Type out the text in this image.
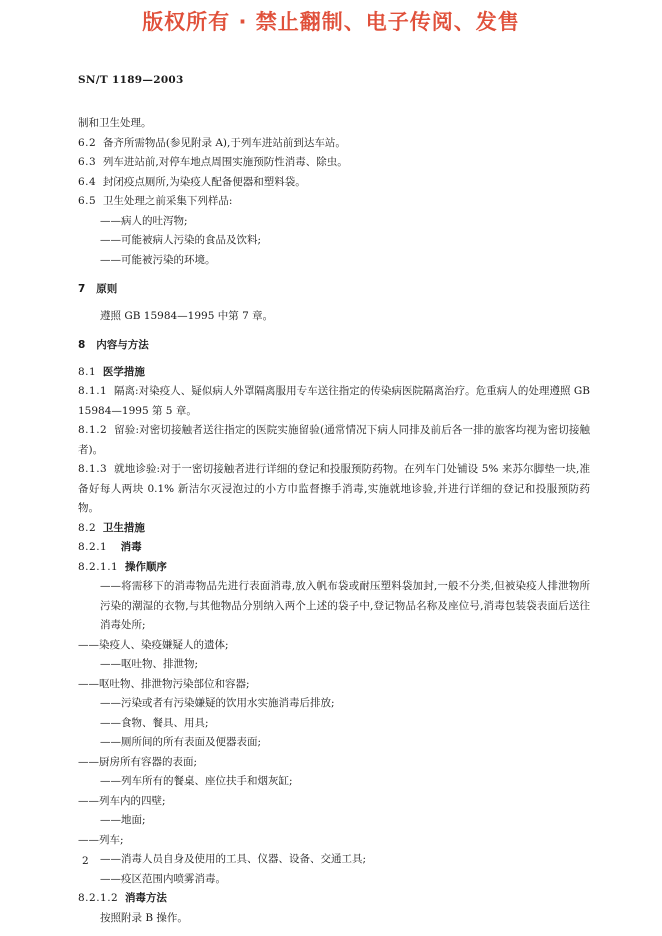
版权所有 · 禁止翻制、电子传阅、发售
SN/T 1189—2003

制和卫生处理。

6.2 备齐所需物品(参见附录 A),于列车进站前到达车站。

6.3 列车进站前,对停车地点周围实施预防性消毒、除虫。

6.4 封闭疫点厕所,为染疫人配备便器和塑料袋。

6.5 卫生处理之前采集下列样品:

——病人的吐泻物;

——可能被病人污染的食品及饮料;

——可能被污染的环境。

7 原则

遵照 GB 15984—1995 中第 7 章。

8 内容与方法

8.1 医学措施

8.1.1 隔离:对染疫人、疑似病人外罩隔离服用专车送往指定的传染病医院隔离治疗。危重病人的处理遵照 GB 15984—1995 第 5 章。

8.1.2 留验:对密切接触者送往指定的医院实施留验(通常情况下病人同排及前后各一排的旅客均视为密切接触者)。

8.1.3 就地诊验:对于一密切接触者进行详细的登记和投服预防药物。在列车门处铺设 5% 来苏尔脚垫一块,准备好每人两块 0.1% 新洁尔灭浸泡过的小方巾监督擦手消毒,实施就地诊验,并进行详细的登记和投服预防药物。

8.2 卫生措施

8.2.1 消毒

8.2.1.1 操作顺序

——将需移下的消毒物品先进行表面消毒,放入帆布袋或耐压塑料袋加封,一般不分类,但被染疫人排泄物所污染的潮湿的衣物,与其他物品分别纳入两个上述的袋子中,登记物品名称及座位号,消毒包装袋表面后送往消毒处所;

——染疫人、染疫嫌疑人的遗体;

——呕吐物、排泄物;

——呕吐物、排泄物污染部位和容器;

——污染或者有污染嫌疑的饮用水实施消毒后排放;

——食物、餐具、用具;

——厕所间的所有表面及便器表面;

——厨房所有容器的表面;

——列车所有的餐桌、座位扶手和烟灰缸;

——列车内的四壁;

——地面;

——列车;

——消毒人员自身及使用的工具、仪器、设备、交通工具;

——疫区范围内喷雾消毒。

8.2.1.2 消毒方法

按照附录 B 操作。

2
